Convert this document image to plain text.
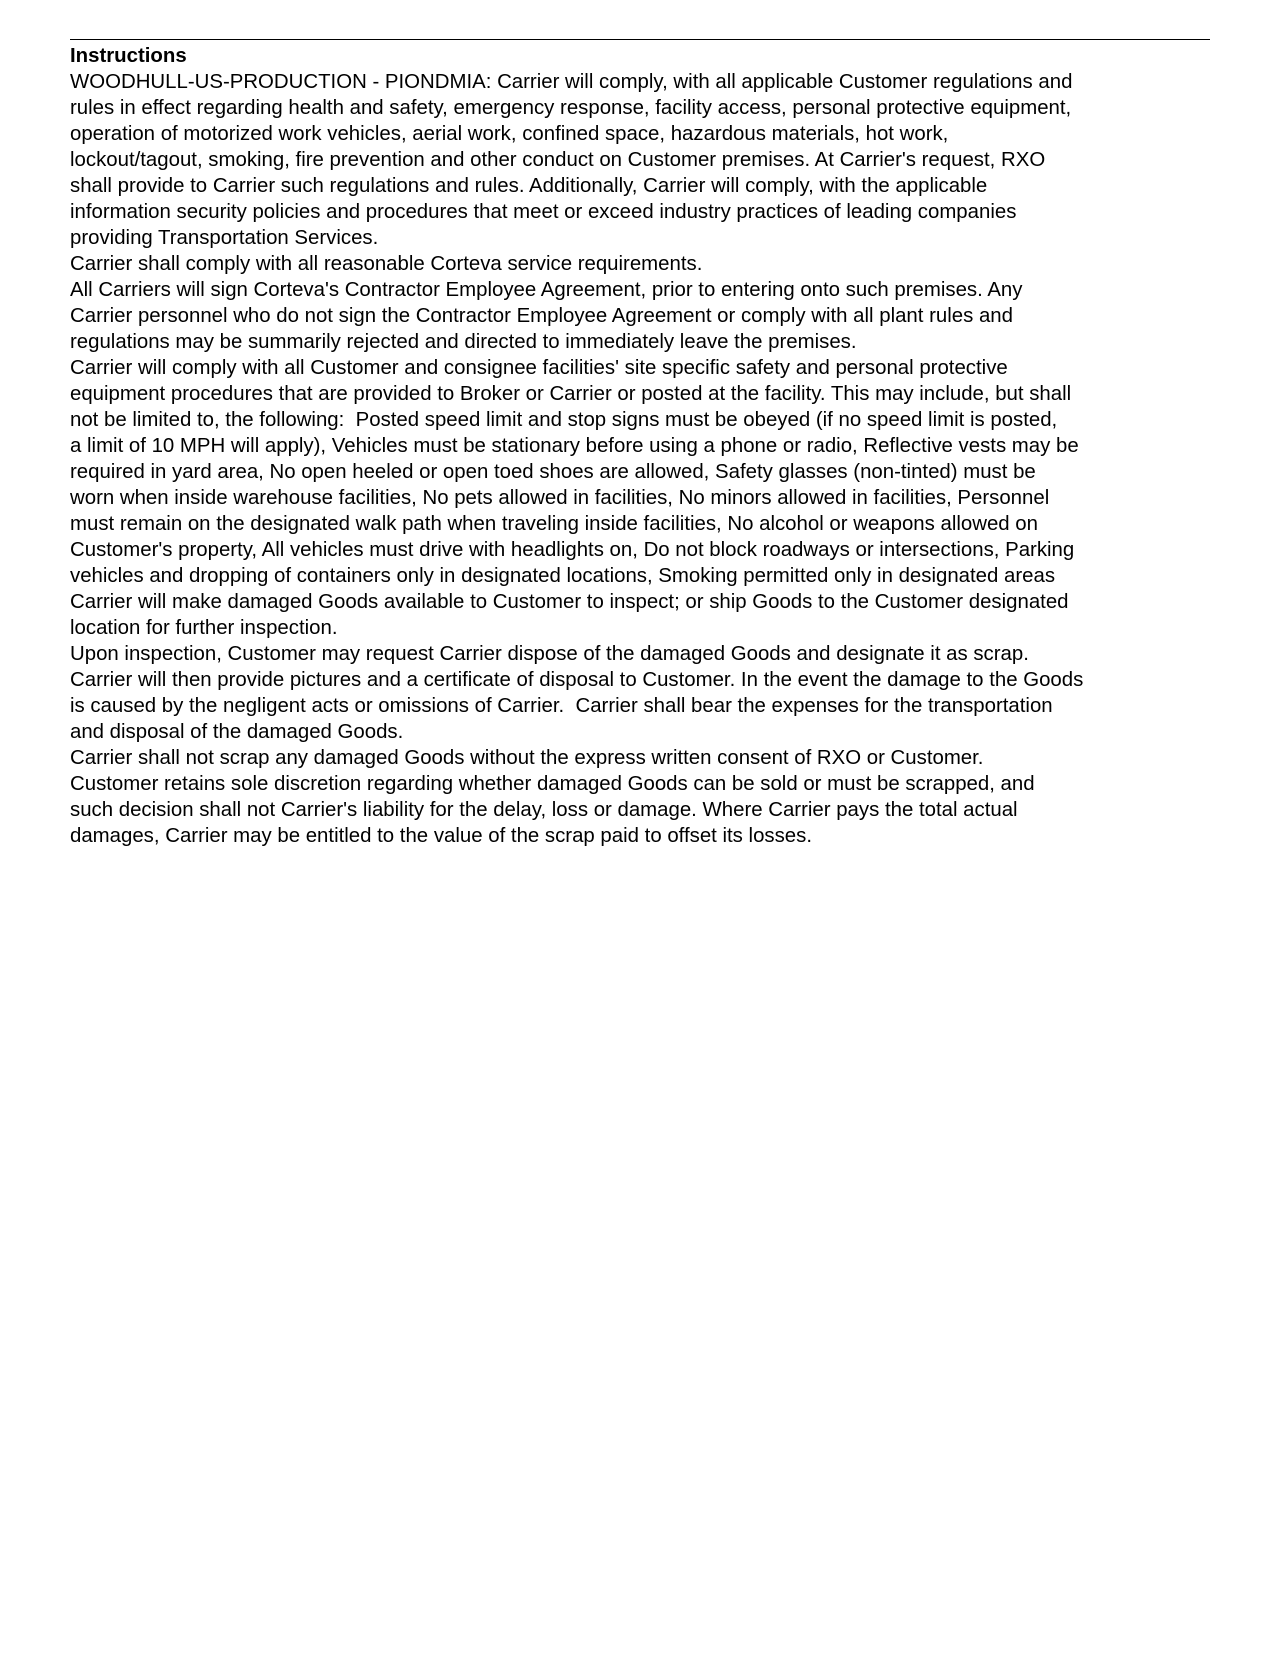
Instructions

WOODHULL-US-PRODUCTION - PIONDMIA: Carrier will comply, with all applicable Customer regulations and

rules in effect regarding health and safety, emergency response, facility access, personal protective equipment,

operation of motorized work vehicles, aerial work, confined space, hazardous materials, hot work,

lockout/tagout, smoking, fire prevention and other conduct on Customer premises. At Carrier's request, RXO

shall provide to Carrier such regulations and rules. Additionally, Carrier will comply, with the applicable

information security policies and procedures that meet or exceed industry practices of leading companies

providing Transportation Services.

Carrier shall comply with all reasonable Corteva service requirements.

All Carriers will sign Corteva's Contractor Employee Agreement, prior to entering onto such premises. Any

Carrier personnel who do not sign the Contractor Employee Agreement or comply with all plant rules and

regulations may be summarily rejected and directed to immediately leave the premises.

Carrier will comply with all Customer and consignee facilities' site specific safety and personal protective

equipment procedures that are provided to Broker or Carrier or posted at the facility. This may include, but shall

not be limited to, the following:  Posted speed limit and stop signs must be obeyed (if no speed limit is posted,

a limit of 10 MPH will apply), Vehicles must be stationary before using a phone or radio, Reflective vests may be

required in yard area, No open heeled or open toed shoes are allowed, Safety glasses (non-tinted) must be

worn when inside warehouse facilities, No pets allowed in facilities, No minors allowed in facilities, Personnel

must remain on the designated walk path when traveling inside facilities, No alcohol or weapons allowed on

Customer's property, All vehicles must drive with headlights on, Do not block roadways or intersections, Parking

vehicles and dropping of containers only in designated locations, Smoking permitted only in designated areas

Carrier will make damaged Goods available to Customer to inspect; or ship Goods to the Customer designated

location for further inspection.

Upon inspection, Customer may request Carrier dispose of the damaged Goods and designate it as scrap.

Carrier will then provide pictures and a certificate of disposal to Customer. In the event the damage to the Goods

is caused by the negligent acts or omissions of Carrier.  Carrier shall bear the expenses for the transportation

and disposal of the damaged Goods.

Carrier shall not scrap any damaged Goods without the express written consent of RXO or Customer.

Customer retains sole discretion regarding whether damaged Goods can be sold or must be scrapped, and

such decision shall not Carrier's liability for the delay, loss or damage. Where Carrier pays the total actual

damages, Carrier may be entitled to the value of the scrap paid to offset its losses.
